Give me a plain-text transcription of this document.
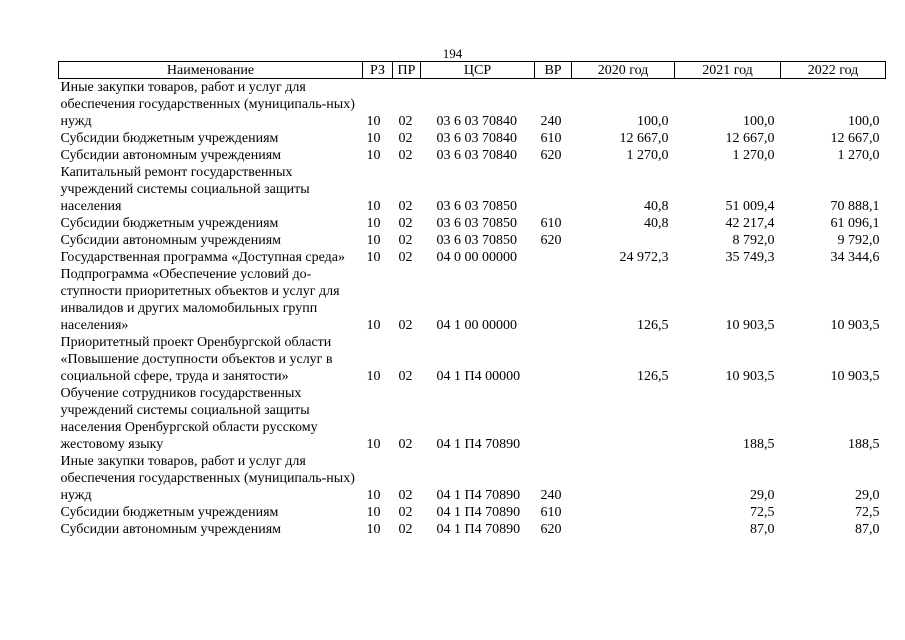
194
Наименование	РЗ	ПР	ЦСР	ВР	2020 год	2021 год	2022 год
Иные закупки товаров, работ и услуг для обеспечения государственных (муниципаль-ных) нужд	10	02	03 6 03 70840	240	100,0	100,0	100,0
Субсидии бюджетным учреждениям	10	02	03 6 03 70840	610	12 667,0	12 667,0	12 667,0
Субсидии автономным учреждениям	10	02	03 6 03 70840	620	1 270,0	1 270,0	1 270,0
Капитальный ремонт государственных учреждений системы социальной защиты населения	10	02	03 6 03 70850		40,8	51 009,4	70 888,1
Субсидии бюджетным учреждениям	10	02	03 6 03 70850	610	40,8	42 217,4	61 096,1
Субсидии автономным учреждениям	10	02	03 6 03 70850	620		8 792,0	9 792,0
Государственная программа «Доступная среда»	10	02	04 0 00 00000		24 972,3	35 749,3	34 344,6
Подпрограмма «Обеспечение условий до-ступности приоритетных объектов и услуг для инвалидов и других маломобильных групп населения»	10	02	04 1 00 00000		126,5	10 903,5	10 903,5
Приоритетный проект Оренбургской области «Повышение доступности объектов и услуг в социальной сфере, труда и занятости»	10	02	04 1 П4 00000		126,5	10 903,5	10 903,5
Обучение сотрудников государственных учреждений системы социальной защиты населения Оренбургской области русскому жестовому языку	10	02	04 1 П4 70890			188,5	188,5
Иные закупки товаров, работ и услуг для обеспечения государственных (муниципаль-ных) нужд	10	02	04 1 П4 70890	240		29,0	29,0
Субсидии бюджетным учреждениям	10	02	04 1 П4 70890	610		72,5	72,5
Субсидии автономным учреждениям	10	02	04 1 П4 70890	620		87,0	87,0
